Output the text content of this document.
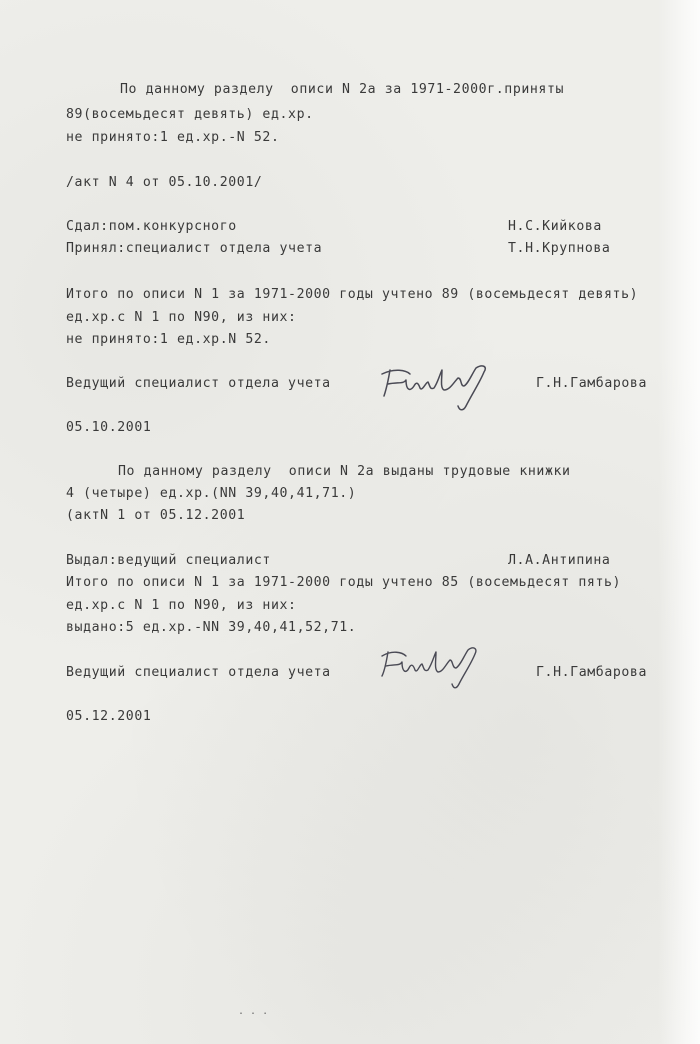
По данному разделу  описи N 2a за 1971-2000г.приняты
89(восемьдесят девять) ед.хр.
не принято:1 ед.хр.-N 52.
/акт N 4 от 05.10.2001/
Сдал:пом.конкурсного	Н.С.Кийкова
Принял:специалист отдела учета	Т.Н.Крупнова
Итого по описи N 1 за 1971-2000 годы учтено 89 (восемьдесят девять)
ед.хр.с N 1 по N90, из них:
не принято:1 ед.хр.N 52.
Ведущий специалист отдела учета	Г.Н.Гамбарова
05.10.2001
По данному разделу  описи N 2a выданы трудовые книжки
4 (четыре) ед.хр.(NN 39,40,41,71.)
(актN 1 от 05.12.2001
Выдал:ведущий специалист	Л.А.Антипина
Итого по описи N 1 за 1971-2000 годы учтено 85 (восемьдесят пять)
ед.хр.с N 1 по N90, из них:
выдано:5 ед.хр.-NN 39,40,41,52,71.
Ведущий специалист отдела учета	Г.Н.Гамбарова
05.12.2001
. . .
